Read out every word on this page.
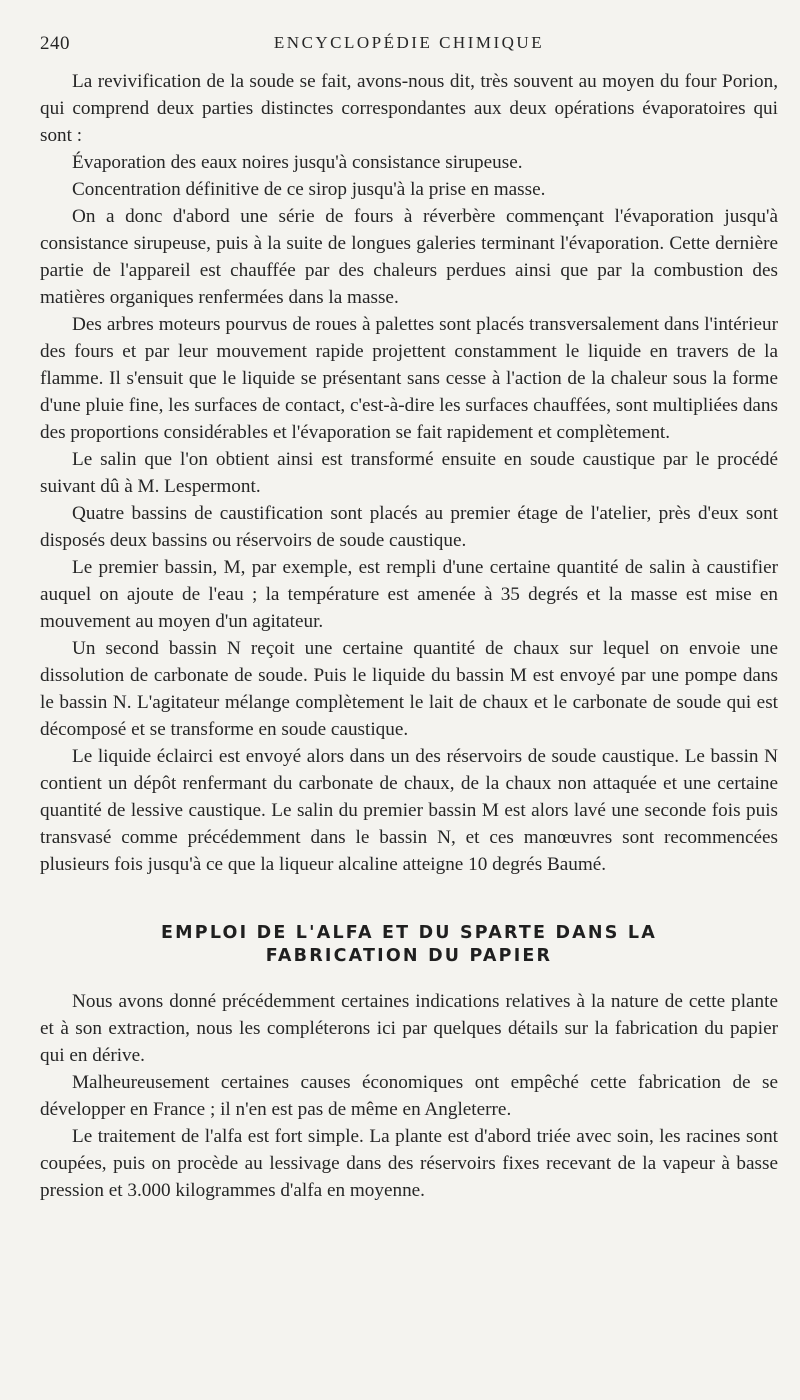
240	ENCYCLOPÉDIE CHIMIQUE

La revivification de la soude se fait, avons-nous dit, très souvent au moyen du four Porion, qui comprend deux parties distinctes correspondantes aux deux opérations évaporatoires qui sont :

Évaporation des eaux noires jusqu'à consistance sirupeuse.

Concentration définitive de ce sirop jusqu'à la prise en masse.

On a donc d'abord une série de fours à réverbère commençant l'évaporation jusqu'à consistance sirupeuse, puis à la suite de longues galeries terminant l'évaporation. Cette dernière partie de l'appareil est chauffée par des chaleurs perdues ainsi que par la combustion des matières organiques renfermées dans la masse.

Des arbres moteurs pourvus de roues à palettes sont placés transversalement dans l'intérieur des fours et par leur mouvement rapide projettent constamment le liquide en travers de la flamme. Il s'ensuit que le liquide se présentant sans cesse à l'action de la chaleur sous la forme d'une pluie fine, les surfaces de contact, c'est-à-dire les surfaces chauffées, sont multipliées dans des proportions considérables et l'évaporation se fait rapidement et complètement.

Le salin que l'on obtient ainsi est transformé ensuite en soude caustique par le procédé suivant dû à M. Lespermont.

Quatre bassins de caustification sont placés au premier étage de l'atelier, près d'eux sont disposés deux bassins ou réservoirs de soude caustique.

Le premier bassin, M, par exemple, est rempli d'une certaine quantité de salin à caustifier auquel on ajoute de l'eau ; la température est amenée à 35 degrés et la masse est mise en mouvement au moyen d'un agitateur.

Un second bassin N reçoit une certaine quantité de chaux sur lequel on envoie une dissolution de carbonate de soude. Puis le liquide du bassin M est envoyé par une pompe dans le bassin N. L'agitateur mélange complètement le lait de chaux et le carbonate de soude qui est décomposé et se transforme en soude caustique.

Le liquide éclairci est envoyé alors dans un des réservoirs de soude caustique. Le bassin N contient un dépôt renfermant du carbonate de chaux, de la chaux non attaquée et une certaine quantité de lessive caustique. Le salin du premier bassin M est alors lavé une seconde fois puis transvasé comme précédemment dans le bassin N, et ces manœuvres sont recommencées plusieurs fois jusqu'à ce que la liqueur alcaline atteigne 10 degrés Baumé.

EMPLOI DE L'ALFA ET DU SPARTE DANS LA
FABRICATION DU PAPIER

Nous avons donné précédemment certaines indications relatives à la nature de cette plante et à son extraction, nous les compléterons ici par quelques détails sur la fabrication du papier qui en dérive.

Malheureusement certaines causes économiques ont empêché cette fabrication de se développer en France ; il n'en est pas de même en Angleterre.

Le traitement de l'alfa est fort simple. La plante est d'abord triée avec soin, les racines sont coupées, puis on procède au lessivage dans des réservoirs fixes recevant de la vapeur à basse pression et 3.000 kilogrammes d'alfa en moyenne.
